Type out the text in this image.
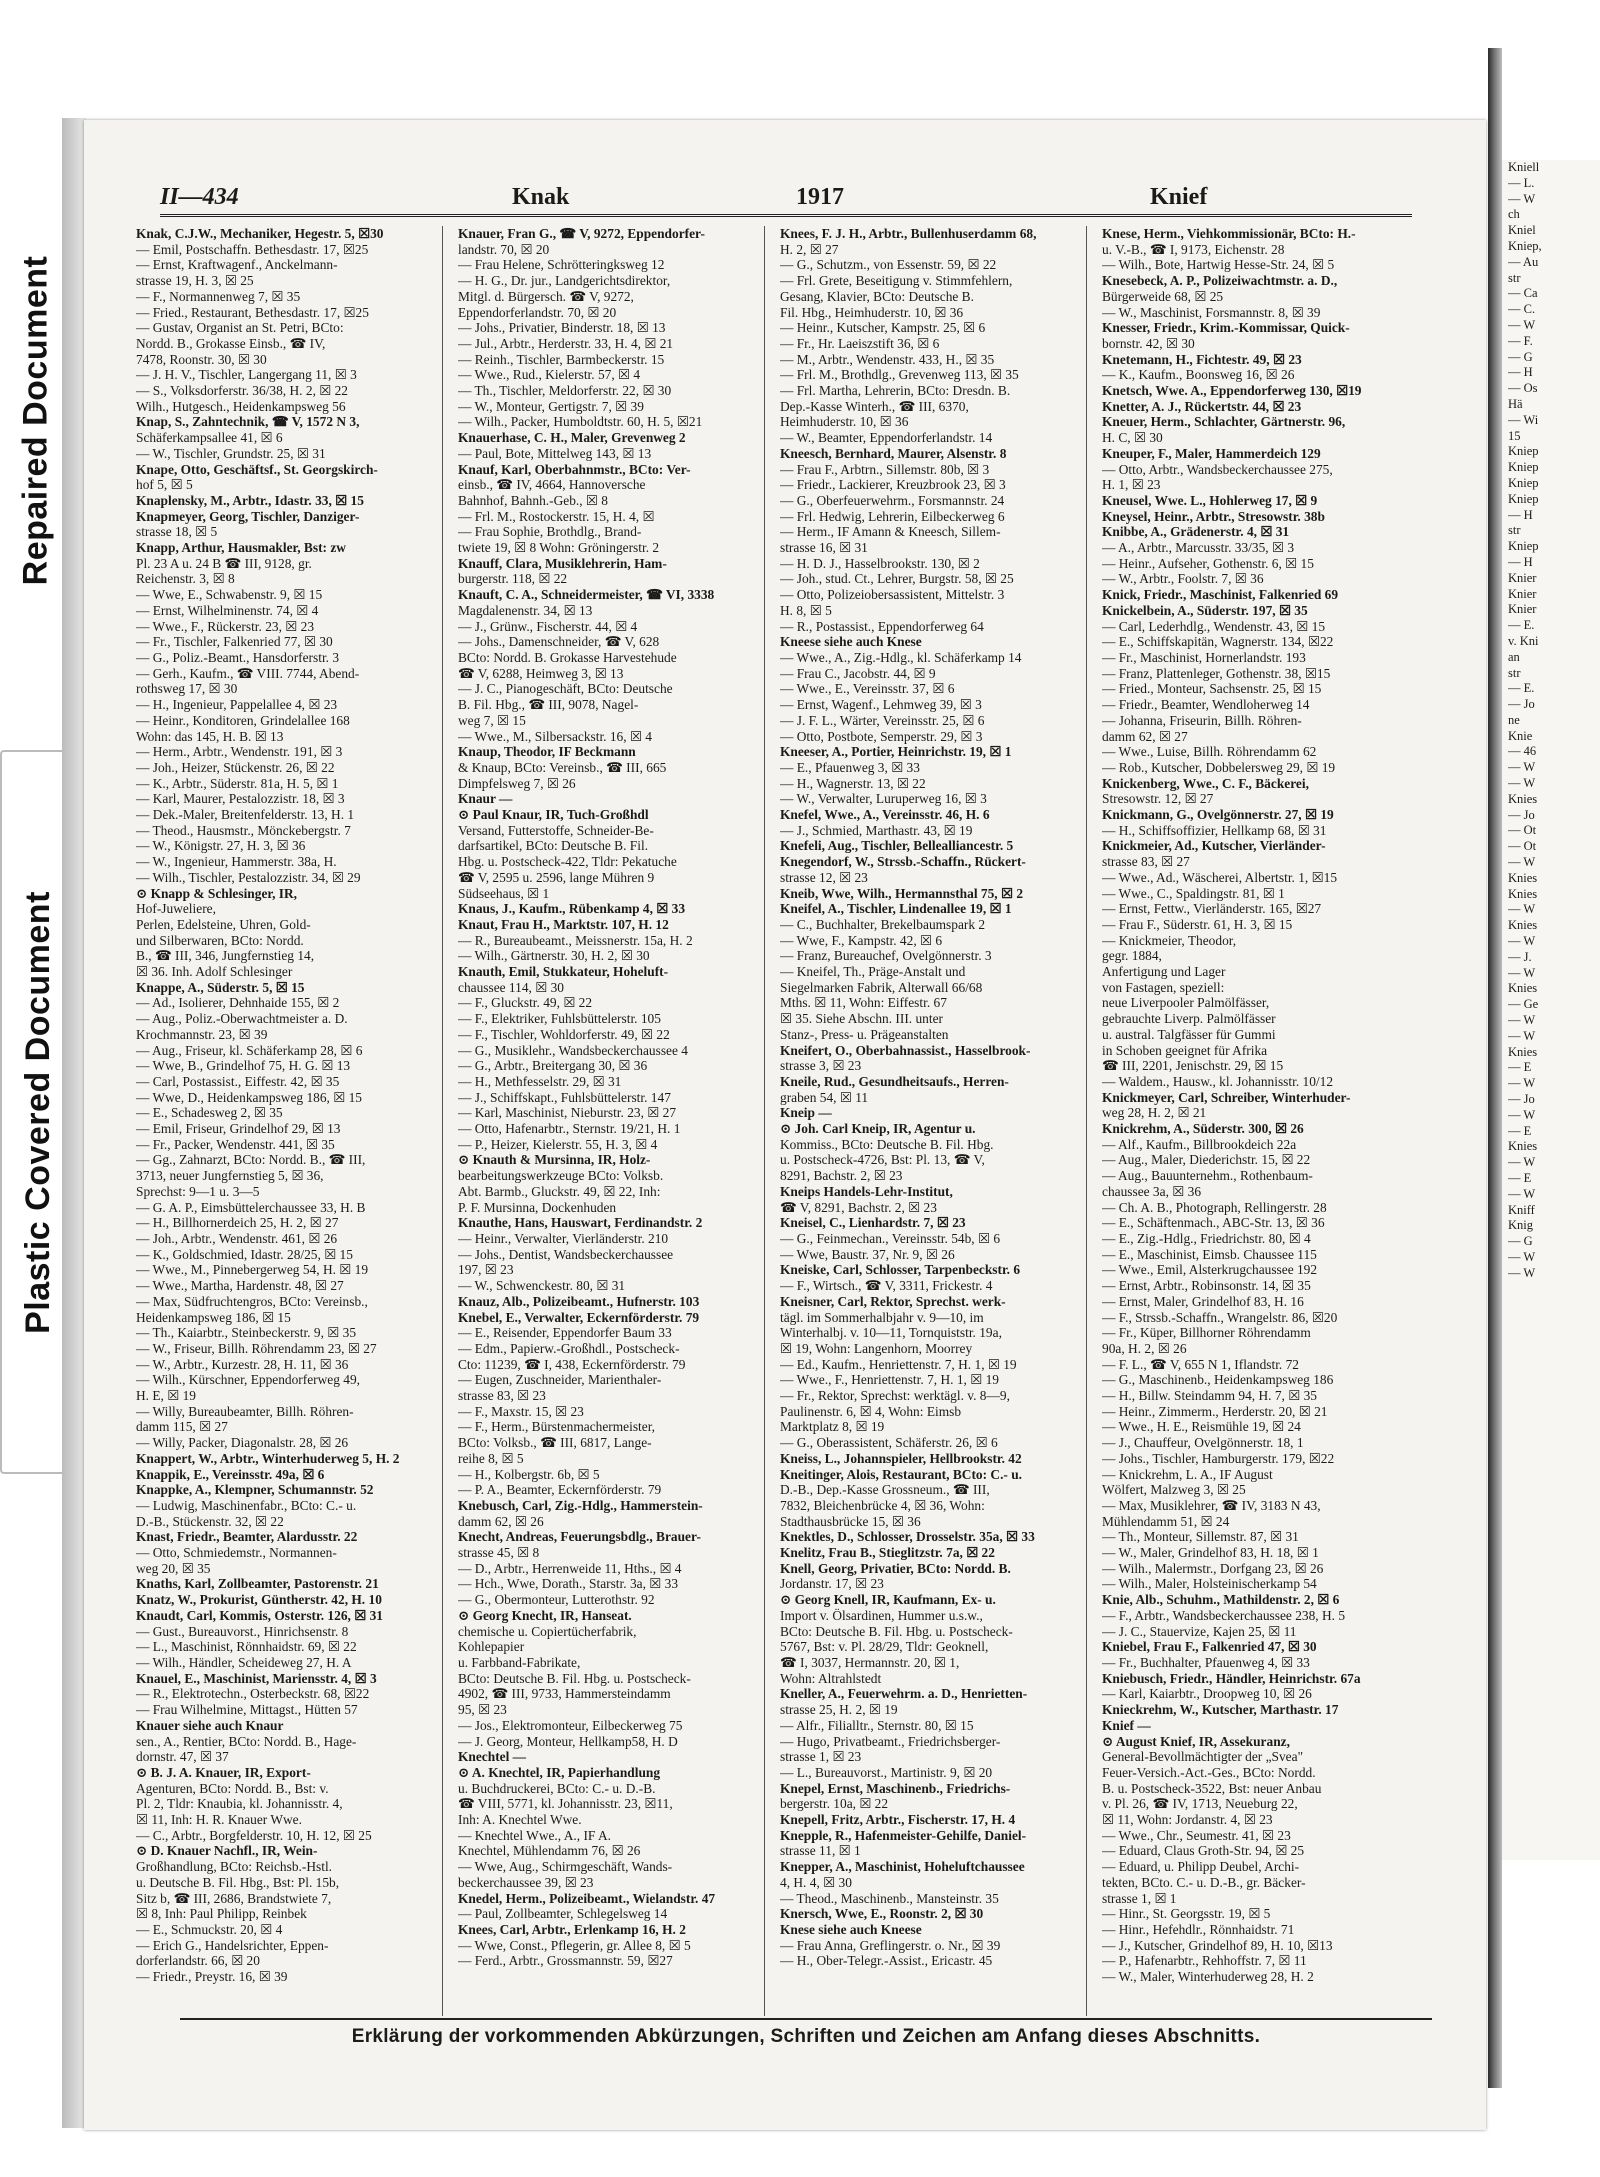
Repaired Document
Plastic Covered Document
II—434	Knak	1917	Knief
Knak, C.J.W., Mechaniker, Hegestr. 5, ☒30
— Emil, Postschaffn. Bethesdastr. 17, ☒25
— Ernst, Kraftwagenf., Anckelmann-
strasse 19, H. 3, ☒ 25
— F., Normannenweg 7, ☒ 35
— Fried., Restaurant, Bethesdastr. 17, ☒25
— Gustav, Organist an St. Petri, BCto:
Nordd. B., Grokasse Einsb., ☎ IV,
7478, Roonstr. 30, ☒ 30
— J. H. V., Tischler, Langergang 11, ☒ 3
— S., Volksdorferstr. 36/38, H. 2, ☒ 22
Wilh., Hutgesch., Heidenkampsweg 56
Knap, S., Zahntechnik, ☎ V, 1572 N 3,
Schäferkampsallee 41, ☒ 6
— W., Tischler, Grundstr. 25, ☒ 31
Knape, Otto, Geschäftsf., St. Georgskirch-
hof 5, ☒ 5
Knaplensky, M., Arbtr., Idastr. 33, ☒ 15
Knapmeyer, Georg, Tischler, Danziger-
strasse 18, ☒ 5
Knapp, Arthur, Hausmakler, Bst: zw
Pl. 23 A u. 24 B ☎ III, 9128, gr.
Reichenstr. 3, ☒ 8
— Wwe, E., Schwabenstr. 9, ☒ 15
— Ernst, Wilhelminenstr. 74, ☒ 4
— Wwe., F., Rückerstr. 23, ☒ 23
— Fr., Tischler, Falkenried 77, ☒ 30
— G., Poliz.-Beamt., Hansdorferstr. 3
— Gerh., Kaufm., ☎ VIII. 7744, Abend-
rothsweg 17, ☒ 30
— H., Ingenieur, Pappelallee 4, ☒ 23
— Heinr., Konditoren, Grindelallee 168
Wohn: das 145, H. B. ☒ 13
— Herm., Arbtr., Wendenstr. 191, ☒ 3
— Joh., Heizer, Stückenstr. 26, ☒ 22
— K., Arbtr., Süderstr. 81a, H. 5, ☒ 1
— Karl, Maurer, Pestalozzistr. 18, ☒ 3
— Dek.-Maler, Breitenfelderstr. 13, H. 1
— Theod., Hausmstr., Mönckebergstr. 7
— W., Königstr. 27, H. 3, ☒ 36
— W., Ingenieur, Hammerstr. 38a, H.
— Wilh., Tischler, Pestalozzistr. 34, ☒ 29
⊙ Knapp & Schlesinger, IR,
Hof-Juweliere,
Perlen, Edelsteine, Uhren, Gold-
und Silberwaren, BCto: Nordd.
B., ☎ III, 346, Jungfernstieg 14,
☒ 36. Inh. Adolf Schlesinger
Knappe, A., Süderstr. 5, ☒ 15
— Ad., Isolierer, Dehnhaide 155, ☒ 2
— Aug., Poliz.-Oberwachtmeister a. D.
Krochmannstr. 23, ☒ 39
— Aug., Friseur, kl. Schäferkamp 28, ☒ 6
— Wwe, B., Grindelhof 75, H. G. ☒ 13
— Carl, Postassist., Eiffestr. 42, ☒ 35
— Wwe, D., Heidenkampsweg 186, ☒ 15
— E., Schadesweg 2, ☒ 35
— Emil, Friseur, Grindelhof 29, ☒ 13
— Fr., Packer, Wendenstr. 441, ☒ 35
— Gg., Zahnarzt, BCto: Nordd. B., ☎ III,
3713, neuer Jungfernstieg 5, ☒ 36,
Sprechst: 9—1 u. 3—5
— G. A. P., Eimsbüttelerchaussee 33, H. B
— H., Billhornerdeich 25, H. 2, ☒ 27
— Joh., Arbtr., Wendenstr. 461, ☒ 26
— K., Goldschmied, Idastr. 28/25, ☒ 15
— Wwe., M., Pinnebergerweg 54, H. ☒ 19
— Wwe., Martha, Hardenstr. 48, ☒ 27
— Max, Südfruchtengros, BCto: Vereinsb.,
Heidenkampsweg 186, ☒ 15
— Th., Kaiarbtr., Steinbeckerstr. 9, ☒ 35
— W., Friseur, Billh. Röhrendamm 23, ☒ 27
— W., Arbtr., Kurzestr. 28, H. 11, ☒ 36
— Wilh., Kürschner, Eppendorferweg 49,
H. E, ☒ 19
— Willy, Bureaubeamter, Billh. Röhren-
damm 115, ☒ 27
— Willy, Packer, Diagonalstr. 28, ☒ 26
Knappert, W., Arbtr., Winterhuderweg 5, H. 2
Knappik, E., Vereinsstr. 49a, ☒ 6
Knappke, A., Klempner, Schumannstr. 52
— Ludwig, Maschinenfabr., BCto: C.- u.
D.-B., Stückenstr. 32, ☒ 22
Knast, Friedr., Beamter, Alardusstr. 22
— Otto, Schmiedemstr., Normannen-
weg 20, ☒ 35
Knaths, Karl, Zollbeamter, Pastorenstr. 21
Knatz, W., Prokurist, Güntherstr. 42, H. 10
Knaudt, Carl, Kommis, Osterstr. 126, ☒ 31
— Gust., Bureauvorst., Hinrichsenstr. 8
— L., Maschinist, Rönnhaidstr. 69, ☒ 22
— Wilh., Händler, Scheideweg 27, H. A
Knauel, E., Maschinist, Mariensstr. 4, ☒ 3
— R., Elektrotechn., Osterbeckstr. 68, ☒22
— Frau Wilhelmine, Mittagst., Hütten 57
Knauer siehe auch Knaur
sen., A., Rentier, BCto: Nordd. B., Hage-
dornstr. 47, ☒ 37
⊙ B. J. A. Knauer, IR, Export-
Agenturen, BCto: Nordd. B., Bst: v.
Pl. 2, Tldr: Knaubia, kl. Johannisstr. 4,
☒ 11, Inh: H. R. Knauer Wwe.
— C., Arbtr., Borgfelderstr. 10, H. 12, ☒ 25
⊙ D. Knauer Nachfl., IR, Wein-
Großhandlung, BCto: Reichsb.-Hstl.
u. Deutsche B. Fil. Hbg., Bst: Pl. 15b,
Sitz b, ☎ III, 2686, Brandstwiete 7,
☒ 8, Inh: Paul Philipp, Reinbek
— E., Schmuckstr. 20, ☒ 4
— Erich G., Handelsrichter, Eppen-
dorferlandstr. 66, ☒ 20
— Friedr., Preystr. 16, ☒ 39
Knauer, Fran G., ☎ V, 9272, Eppendorfer-
landstr. 70, ☒ 20
— Frau Helene, Schrötteringksweg 12
— H. G., Dr. jur., Landgerichtsdirektor,
Mitgl. d. Bürgersch. ☎ V, 9272,
Eppendorferlandstr. 70, ☒ 20
— Johs., Privatier, Binderstr. 18, ☒ 13
— Jul., Arbtr., Herderstr. 33, H. 4, ☒ 21
— Reinh., Tischler, Barmbeckerstr. 15
— Wwe., Rud., Kielerstr. 57, ☒ 4
— Th., Tischler, Meldorferstr. 22, ☒ 30
— W., Monteur, Gertigstr. 7, ☒ 39
— Wilh., Packer, Humboldtstr. 60, H. 5, ☒21
Knauerhase, C. H., Maler, Grevenweg 2
— Paul, Bote, Mittelweg 143, ☒ 13
Knauf, Karl, Oberbahnmstr., BCto: Ver-
einsb., ☎ IV, 4664, Hannoversche
Bahnhof, Bahnh.-Geb., ☒ 8
— Frl. M., Rostockerstr. 15, H. 4, ☒
— Frau Sophie, Brothdlg., Brand-
twiete 19, ☒ 8 Wohn: Gröningerstr. 2
Knauff, Clara, Musiklehrerin, Ham-
burgerstr. 118, ☒ 22
Knauft, C. A., Schneidermeister, ☎ VI, 3338
Magdalenenstr. 34, ☒ 13
— J., Grünw., Fischerstr. 44, ☒ 4
— Johs., Damenschneider, ☎ V, 628
BCto: Nordd. B. Grokasse Harvestehude
☎ V, 6288, Heimweg 3, ☒ 13
— J. C., Pianogeschäft, BCto: Deutsche
B. Fil. Hbg., ☎ III, 9078, Nagel-
weg 7, ☒ 15
— Wwe., M., Silbersackstr. 16, ☒ 4
Knaup, Theodor, IF Beckmann
& Knaup, BCto: Vereinsb., ☎ III, 665
Dimpfelsweg 7, ☒ 26
Knaur —
⊙ Paul Knaur, IR, Tuch-Großhdl
Versand, Futterstoffe, Schneider-Be-
darfsartikel, BCto: Deutsche B. Fil.
Hbg. u. Postscheck-422, Tldr: Pekatuche
☎ V, 2595 u. 2596, lange Mühren 9
Südseehaus, ☒ 1
Knaus, J., Kaufm., Rübenkamp 4, ☒ 33
Knaut, Frau H., Marktstr. 107, H. 12
— R., Bureaubeamt., Meissnerstr. 15a, H. 2
— Wilh., Gärtnerstr. 30, H. 2, ☒ 30
Knauth, Emil, Stukkateur, Hoheluft-
chaussee 114, ☒ 30
— F., Gluckstr. 49, ☒ 22
— F., Elektriker, Fuhlsbüttelerstr. 105
— F., Tischler, Wohldorferstr. 49, ☒ 22
— G., Musiklehr., Wandsbeckerchaussee 4
— G., Arbtr., Breitergang 30, ☒ 36
— H., Methfesselstr. 29, ☒ 31
— J., Schiffskapt., Fuhlsbüttelerstr. 147
— Karl, Maschinist, Nieburstr. 23, ☒ 27
— Otto, Hafenarbtr., Sternstr. 19/21, H. 1
— P., Heizer, Kielerstr. 55, H. 3, ☒ 4
⊙ Knauth & Mursinna, IR, Holz-
bearbeitungswerkzeuge BCto: Volksb.
Abt. Barmb., Gluckstr. 49, ☒ 22, Inh:
P. F. Mursinna, Dockenhuden
Knauthe, Hans, Hauswart, Ferdinandstr. 2
— Heinr., Verwalter, Vierländerstr. 210
— Johs., Dentist, Wandsbeckerchaussee
197, ☒ 23
— W., Schwenckestr. 80, ☒ 31
Knauz, Alb., Polizeibeamt., Hufnerstr. 103
Knebel, E., Verwalter, Eckernförderstr. 79
— E., Reisender, Eppendorfer Baum 33
— Edm., Papierw.-Großhdl., Postscheck-
Cto: 11239, ☎ I, 438, Eckernförderstr. 79
— Eugen, Zuschneider, Marienthaler-
strasse 83, ☒ 23
— F., Maxstr. 15, ☒ 23
— F., Herm., Bürstenmachermeister,
BCto: Volksb., ☎ III, 6817, Lange-
reihe 8, ☒ 5
— H., Kolbergstr. 6b, ☒ 5
— P. A., Beamter, Eckernförderstr. 79
Knebusch, Carl, Zig.-Hdlg., Hammerstein-
damm 62, ☒ 26
Knecht, Andreas, Feuerungsbdlg., Brauer-
strasse 45, ☒ 8
— D., Arbtr., Herrenweide 11, Hths., ☒ 4
— Hch., Wwe, Dorath., Starstr. 3a, ☒ 33
— G., Obermonteur, Lutterothstr. 92
⊙ Georg Knecht, IR, Hanseat.
chemische u. Copiertücherfabrik,
Kohlepapier
u. Farbband-Fabrikate,
BCto: Deutsche B. Fil. Hbg. u. Postscheck-
4902, ☎ III, 9733, Hammersteindamm
95, ☒ 23
— Jos., Elektromonteur, Eilbeckerweg 75
— J. Georg, Monteur, Hellkamp58, H. D
Knechtel —
⊙ A. Knechtel, IR, Papierhandlung
u. Buchdruckerei, BCto: C.- u. D.-B.
☎ VIII, 5771, kl. Johannisstr. 23, ☒11,
Inh: A. Knechtel Wwe.
— Knechtel Wwe., A., IF A.
Knechtel, Mühlendamm 76, ☒ 26
— Wwe, Aug., Schirmgeschäft, Wands-
beckerchaussee 39, ☒ 23
Knedel, Herm., Polizeibeamt., Wielandstr. 47
— Paul, Zollbeamter, Schlegelsweg 14
Knees, Carl, Arbtr., Erlenkamp 16, H. 2
— Wwe, Const., Pflegerin, gr. Allee 8, ☒ 5
— Ferd., Arbtr., Grossmannstr. 59, ☒27
Knees, F. J. H., Arbtr., Bullenhuserdamm 68,
H. 2, ☒ 27
— G., Schutzm., von Essenstr. 59, ☒ 22
— Frl. Grete, Beseitigung v. Stimmfehlern,
Gesang, Klavier, BCto: Deutsche B.
Fil. Hbg., Heimhuderstr. 10, ☒ 36
— Heinr., Kutscher, Kampstr. 25, ☒ 6
— Fr., Hr. Laeiszstift 36, ☒ 6
— M., Arbtr., Wendenstr. 433, H., ☒ 35
— Frl. M., Brothdlg., Grevenweg 113, ☒ 35
— Frl. Martha, Lehrerin, BCto: Dresdn. B.
Dep.-Kasse Winterh., ☎ III, 6370,
Heimhuderstr. 10, ☒ 36
— W., Beamter, Eppendorferlandstr. 14
Kneesch, Bernhard, Maurer, Alsenstr. 8
— Frau F., Arbtrn., Sillemstr. 80b, ☒ 3
— Friedr., Lackierer, Kreuzbrook 23, ☒ 3
— G., Oberfeuerwehrm., Forsmannstr. 24
— Frl. Hedwig, Lehrerin, Eilbeckerweg 6
— Herm., IF Amann & Kneesch, Sillem-
strasse 16, ☒ 31
— H. D. J., Hasselbrookstr. 130, ☒ 2
— Joh., stud. Ct., Lehrer, Burgstr. 58, ☒ 25
— Otto, Polizeiobersassistent, Mittelstr. 3
H. 8, ☒ 5
— R., Postassist., Eppendorferweg 64
Kneese siehe auch Knese
— Wwe., A., Zig.-Hdlg., kl. Schäferkamp 14
— Frau C., Jacobstr. 44, ☒ 9
— Wwe., E., Vereinsstr. 37, ☒ 6
— Ernst, Wagenf., Lehmweg 39, ☒ 3
— J. F. L., Wärter, Vereinsstr. 25, ☒ 6
— Otto, Postbote, Semperstr. 29, ☒ 3
Kneeser, A., Portier, Heinrichstr. 19, ☒ 1
— E., Pfauenweg 3, ☒ 33
— H., Wagnerstr. 13, ☒ 22
— W., Verwalter, Luruperweg 16, ☒ 3
Knefel, Wwe., A., Vereinsstr. 46, H. 6
— J., Schmied, Marthastr. 43, ☒ 19
Knefeli, Aug., Tischler, Bellealliancestr. 5
Knegendorf, W., Strssb.-Schaffn., Rückert-
strasse 12, ☒ 23
Kneib, Wwe, Wilh., Hermannsthal 75, ☒ 2
Kneifel, A., Tischler, Lindenallee 19, ☒ 1
— C., Buchhalter, Brekelbaumspark 2
— Wwe, F., Kampstr. 42, ☒ 6
— Franz, Bureauchef, Ovelgönnerstr. 3
— Kneifel, Th., Präge-Anstalt und
Siegelmarken Fabrik, Alterwall 66/68
Mths. ☒ 11, Wohn: Eiffestr. 67
☒ 35. Siehe Abschn. III. unter
Stanz-, Press- u. Prägeanstalten
Kneifert, O., Oberbahnassist., Hasselbrook-
strasse 3, ☒ 23
Kneile, Rud., Gesundheitsaufs., Herren-
graben 54, ☒ 11
Kneip —
⊙ Joh. Carl Kneip, IR, Agentur u.
Kommiss., BCto: Deutsche B. Fil. Hbg.
u. Postscheck-4726, Bst: Pl. 13, ☎ V,
8291, Bachstr. 2, ☒ 23
Kneips Handels-Lehr-Institut,
☎ V, 8291, Bachstr. 2, ☒ 23
Kneisel, C., Lienhardstr. 7, ☒ 23
— G., Feinmechan., Vereinsstr. 54b, ☒ 6
— Wwe, Baustr. 37, Nr. 9, ☒ 26
Kneiske, Carl, Schlosser, Tarpenbeckstr. 6
— F., Wirtsch., ☎ V, 3311, Frickestr. 4
Kneisner, Carl, Rektor, Sprechst. werk-
tägl. im Sommerhalbjahr v. 9—10, im
Winterhalbj. v. 10—11, Tornquiststr. 19a,
☒ 19, Wohn: Langenhorn, Moorrey
— Ed., Kaufm., Henriettenstr. 7, H. 1, ☒ 19
— Wwe., F., Henriettenstr. 7, H. 1, ☒ 19
— Fr., Rektor, Sprechst: werktägl. v. 8—9,
Paulinenstr. 6, ☒ 4, Wohn: Eimsb
Marktplatz 8, ☒ 19
— G., Oberassistent, Schäferstr. 26, ☒ 6
Kneiss, L., Johannspieler, Hellbrookstr. 42
Kneitinger, Alois, Restaurant, BCto: C.- u.
D.-B., Dep.-Kasse Grossneum., ☎ III,
7832, Bleichenbrücke 4, ☒ 36, Wohn:
Stadthausbrücke 15, ☒ 36
Knektles, D., Schlosser, Drosselstr. 35a, ☒ 33
Knelitz, Frau B., Stieglitzstr. 7a, ☒ 22
Knell, Georg, Privatier, BCto: Nordd. B.
Jordanstr. 17, ☒ 23
⊙ Georg Knell, IR, Kaufmann, Ex- u.
Import v. Ölsardinen, Hummer u.s.w.,
BCto: Deutsche B. Fil. Hbg. u. Postscheck-
5767, Bst: v. Pl. 28/29, Tldr: Geoknell,
☎ I, 3037, Hermannstr. 20, ☒ 1,
Wohn: Altrahlstedt
Kneller, A., Feuerwehrm. a. D., Henrietten-
strasse 25, H. 2, ☒ 19
— Alfr., Filialltr., Sternstr. 80, ☒ 15
— Hugo, Privatbeamt., Friedrichsberger-
strasse 1, ☒ 23
— L., Bureauvorst., Martinistr. 9, ☒ 20
Knepel, Ernst, Maschinenb., Friedrichs-
bergerstr. 10a, ☒ 22
Knepell, Fritz, Arbtr., Fischerstr. 17, H. 4
Knepple, R., Hafenmeister-Gehilfe, Daniel-
strasse 11, ☒ 1
Knepper, A., Maschinist, Hoheluftchaussee
4, H. 4, ☒ 30
— Theod., Maschinenb., Mansteinstr. 35
Knersch, Wwe, E., Roonstr. 2, ☒ 30
Knese siehe auch Kneese
— Frau Anna, Greflingerstr. o. Nr., ☒ 39
— H., Ober-Telegr.-Assist., Ericastr. 45
Knese, Herm., Viehkommissionär, BCto: H.-
u. V.-B., ☎ I, 9173, Eichenstr. 28
— Wilh., Bote, Hartwig Hesse-Str. 24, ☒ 5
Knesebeck, A. P., Polizeiwachtmstr. a. D.,
Bürgerweide 68, ☒ 25
— W., Maschinist, Forsmannstr. 8, ☒ 39
Knesser, Friedr., Krim.-Kommissar, Quick-
bornstr. 42, ☒ 30
Knetemann, H., Fichtestr. 49, ☒ 23
— K., Kaufm., Boonsweg 16, ☒ 26
Knetsch, Wwe. A., Eppendorferweg 130, ☒19
Knetter, A. J., Rückertstr. 44, ☒ 23
Kneuer, Herm., Schlachter, Gärtnerstr. 96,
H. C, ☒ 30
Kneuper, F., Maler, Hammerdeich 129
— Otto, Arbtr., Wandsbeckerchaussee 275,
H. 1, ☒ 23
Kneusel, Wwe. L., Hohlerweg 17, ☒ 9
Kneysel, Heinr., Arbtr., Stresowstr. 38b
Knibbe, A., Grädenerstr. 4, ☒ 31
— A., Arbtr., Marcusstr. 33/35, ☒ 3
— Heinr., Aufseher, Gothenstr. 6, ☒ 15
— W., Arbtr., Foolstr. 7, ☒ 36
Knick, Friedr., Maschinist, Falkenried 69
Knickelbein, A., Süderstr. 197, ☒ 35
— Carl, Lederhdlg., Wendenstr. 43, ☒ 15
— E., Schiffskapitän, Wagnerstr. 134, ☒22
— Fr., Maschinist, Hornerlandstr. 193
— Franz, Plattenleger, Gothenstr. 38, ☒15
— Fried., Monteur, Sachsenstr. 25, ☒ 15
— Friedr., Beamter, Wendloherweg 14
— Johanna, Friseurin, Billh. Röhren-
damm 62, ☒ 27
— Wwe., Luise, Billh. Röhrendamm 62
— Rob., Kutscher, Dobbelersweg 29, ☒ 19
Knickenberg, Wwe., C. F., Bäckerei,
Stresowstr. 12, ☒ 27
Knickmann, G., Ovelgönnerstr. 27, ☒ 19
— H., Schiffsoffizier, Hellkamp 68, ☒ 31
Knickmeier, Ad., Kutscher, Vierländer-
strasse 83, ☒ 27
— Wwe., Ad., Wäscherei, Albertstr. 1, ☒15
— Wwe., C., Spaldingstr. 81, ☒ 1
— Ernst, Fettw., Vierländerstr. 165, ☒27
— Frau F., Süderstr. 61, H. 3, ☒ 15
— Knickmeier, Theodor,
gegr. 1884,
Anfertigung und Lager
von Fastagen, speziell:
neue Liverpooler Palmölfässer,
gebrauchte Liverp. Palmölfässer
u. austral. Talgfässer für Gummi
in Schoben geeignet für Afrika
☎ III, 2201, Jenischstr. 29, ☒ 15
— Waldem., Hausw., kl. Johannisstr. 10/12
Knickmeyer, Carl, Schreiber, Winterhuder-
weg 28, H. 2, ☒ 21
Knickrehm, A., Süderstr. 300, ☒ 26
— Alf., Kaufm., Billbrookdeich 22a
— Aug., Maler, Diederichstr. 15, ☒ 22
— Aug., Bauunternehm., Rothenbaum-
chaussee 3a, ☒ 36
— Ch. A. B., Photograph, Rellingerstr. 28
— E., Schäftenmach., ABC-Str. 13, ☒ 36
— E., Zig.-Hdlg., Friedrichstr. 80, ☒ 4
— E., Maschinist, Eimsb. Chaussee 115
— Wwe., Emil, Alsterkrugchaussee 192
— Ernst, Arbtr., Robinsonstr. 14, ☒ 35
— Ernst, Maler, Grindelhof 83, H. 16
— F., Strssb.-Schaffn., Wrangelstr. 86, ☒20
— Fr., Küper, Billhorner Röhrendamm
90a, H. 2, ☒ 26
— F. L., ☎ V, 655 N 1, Iflandstr. 72
— G., Maschinenb., Heidenkampsweg 186
— H., Billw. Steindamm 94, H. 7, ☒ 35
— Heinr., Zimmerm., Herderstr. 20, ☒ 21
— Wwe., H. E., Reismühle 19, ☒ 24
— J., Chauffeur, Ovelgönnerstr. 18, 1
— Johs., Tischler, Hamburgerstr. 179, ☒22
— Knickrehm, L. A., IF August
Wölfert, Malzweg 3, ☒ 25
— Max, Musiklehrer, ☎ IV, 3183 N 43,
Mühlendamm 51, ☒ 24
— Th., Monteur, Sillemstr. 87, ☒ 31
— W., Maler, Grindelhof 83, H. 18, ☒ 1
— Wilh., Malermstr., Dorfgang 23, ☒ 26
— Wilh., Maler, Holsteinischerkamp 54
Knie, Alb., Schuhm., Mathildenstr. 2, ☒ 6
— F., Arbtr., Wandsbeckerchaussee 238, H. 5
— J. C., Stauervize, Kajen 25, ☒ 11
Kniebel, Frau F., Falkenried 47, ☒ 30
— Fr., Buchhalter, Pfauenweg 4, ☒ 33
Kniebusch, Friedr., Händler, Heinrichstr. 67a
— Karl, Kaiarbtr., Droopweg 10, ☒ 26
Knieckrehm, W., Kutscher, Marthastr. 17
Knief —
⊙ August Knief, IR, Assekuranz,
General-Bevollmächtigter der „Svea"
Feuer-Versich.-Act.-Ges., BCto: Nordd.
B. u. Postscheck-3522, Bst: neuer Anbau
v. Pl. 26, ☎ IV, 1713, Neueburg 22,
☒ 11, Wohn: Jordanstr. 4, ☒ 23
— Wwe., Chr., Seumestr. 41, ☒ 23
— Eduard, Claus Groth-Str. 94, ☒ 25
— Eduard, u. Philipp Deubel, Archi-
tekten, BCto. C.- u. D.-B., gr. Bäcker-
strasse 1, ☒ 1
— Hinr., St. Georgsstr. 19, ☒ 5
— Hinr., Hefehdlr., Rönnhaidstr. 71
— J., Kutscher, Grindelhof 89, H. 10, ☒13
— P., Hafenarbtr., Rehhoffstr. 7, ☒ 11
— W., Maler, Winterhuderweg 28, H. 2
Erklärung der vorkommenden Abkürzungen, Schriften und Zeichen am Anfang dieses Abschnitts.
Kniell
— L.
— W
ch
Kniel
Kniep,
— Au
str
— Ca
— C.
— W
— F.
— G
— H
— Os
Hä
— Wi
15
Kniep
Kniep
Kniep
Kniep
— H
str
Kniep
— H
Knier
Knier
Knier
— E.
v. Kni
an
str
— E.
— Jo
ne
Knie
— 46
— W
— W
Knies
— Jo
— Ot
— Ot
— W
Knies
Knies
— W
Knies
— W
— J.
— W
Knies
— Ge
— W
— W
Knies
— E
— W
— Jo
— W
— E
Knies
— W
— E
— W
Kniff
Knig
— G
— W
— W
